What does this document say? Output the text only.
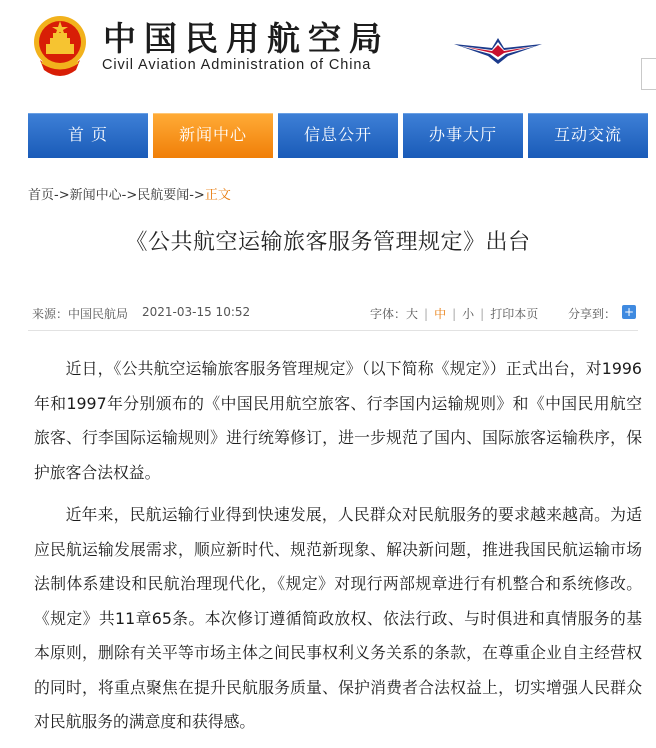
中国民用航空局
Civil Aviation Administration of China
首 页	新闻中心	信息公开	办事大厅	互动交流
首页->新闻中心->民航要闻->正文
《公共航空运输旅客服务管理规定》出台
来源：中国民航局 2021-03-15 10:52	字体：大 | 中 | 小 | 打印本页 分享到： +

近日，《公共航空运输旅客服务管理规定》（以下简称《规定》）正式出台，对1996年和1997年分别颁布的《中国民用航空旅客、行李国内运输规则》和《中国民用航空旅客、行李国际运输规则》进行统筹修订，进一步规范了国内、国际旅客运输秩序，保护旅客合法权益。

近年来，民航运输行业得到快速发展，人民群众对民航服务的要求越来越高。为适应民航运输发展需求，顺应新时代、规范新现象、解决新问题，推进我国民航运输市场法制体系建设和民航治理现代化，《规定》对现行两部规章进行有机整合和系统修改。《规定》共11章65条。本次修订遵循简政放权、依法行政、与时俱进和真情服务的基本原则，删除有关平等市场主体之间民事权利义务关系的条款，在尊重企业自主经营权的同时，将重点聚焦在提升民航服务质量、保护消费者合法权益上，切实增强人民群众对民航服务的满意度和获得感。
